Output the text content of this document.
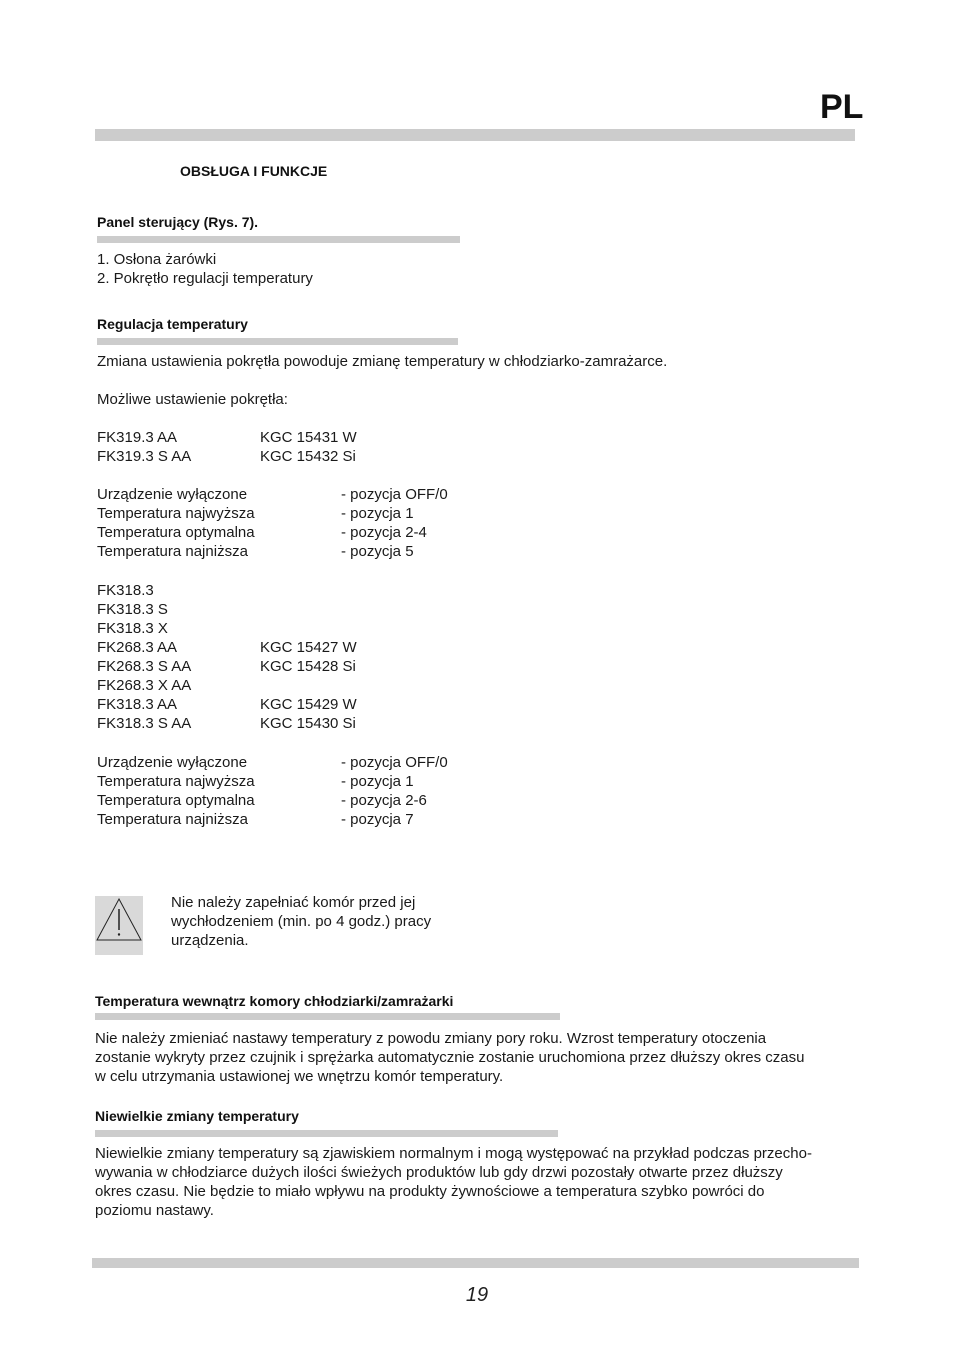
PL
OBSŁUGA I FUNKCJE
Panel sterujący (Rys. 7).
1. Osłona żarówki
2. Pokrętło regulacji temperatury
Regulacja temperatury
Zmiana ustawienia pokrętła powoduje zmianę temperatury w chłodziarko-zamrażarce.
Możliwe ustawienie pokrętła:
FK319.3 AA	KGC 15431 W
FK319.3 S AA	KGC 15432 Si
Urządzenie wyłączone	- pozycja OFF/0
Temperatura najwyższa	- pozycja 1
Temperatura optymalna	- pozycja 2-4
Temperatura najniższa	- pozycja 5
FK318.3
FK318.3 S
FK318.3 X
FK268.3 AA	KGC 15427 W
FK268.3 S AA	KGC 15428 Si
FK268.3 X AA
FK318.3 AA	KGC 15429 W
FK318.3 S AA	KGC 15430 Si
Urządzenie wyłączone	- pozycja OFF/0
Temperatura najwyższa	- pozycja 1
Temperatura optymalna	- pozycja 2-6
Temperatura najniższa	- pozycja 7
Nie należy zapełniać komór przed jej
wychłodzeniem (min. po 4 godz.) pracy
urządzenia.
Temperatura wewnątrz komory chłodziarki/zamrażarki
Nie należy zmieniać nastawy temperatury z powodu zmiany pory roku. Wzrost temperatury otoczenia
zostanie wykryty przez czujnik i sprężarka automatycznie zostanie uruchomiona przez dłuższy okres czasu
w celu utrzymania ustawionej we wnętrzu komór temperatury.
Niewielkie zmiany temperatury
Niewielkie zmiany temperatury są zjawiskiem normalnym i mogą występować na przykład podczas przecho-
wywania w chłodziarce dużych ilości świeżych produktów lub gdy drzwi pozostały otwarte przez dłuższy
okres czasu. Nie będzie to miało wpływu na produkty żywnościowe a temperatura szybko powróci do
poziomu nastawy.
19
